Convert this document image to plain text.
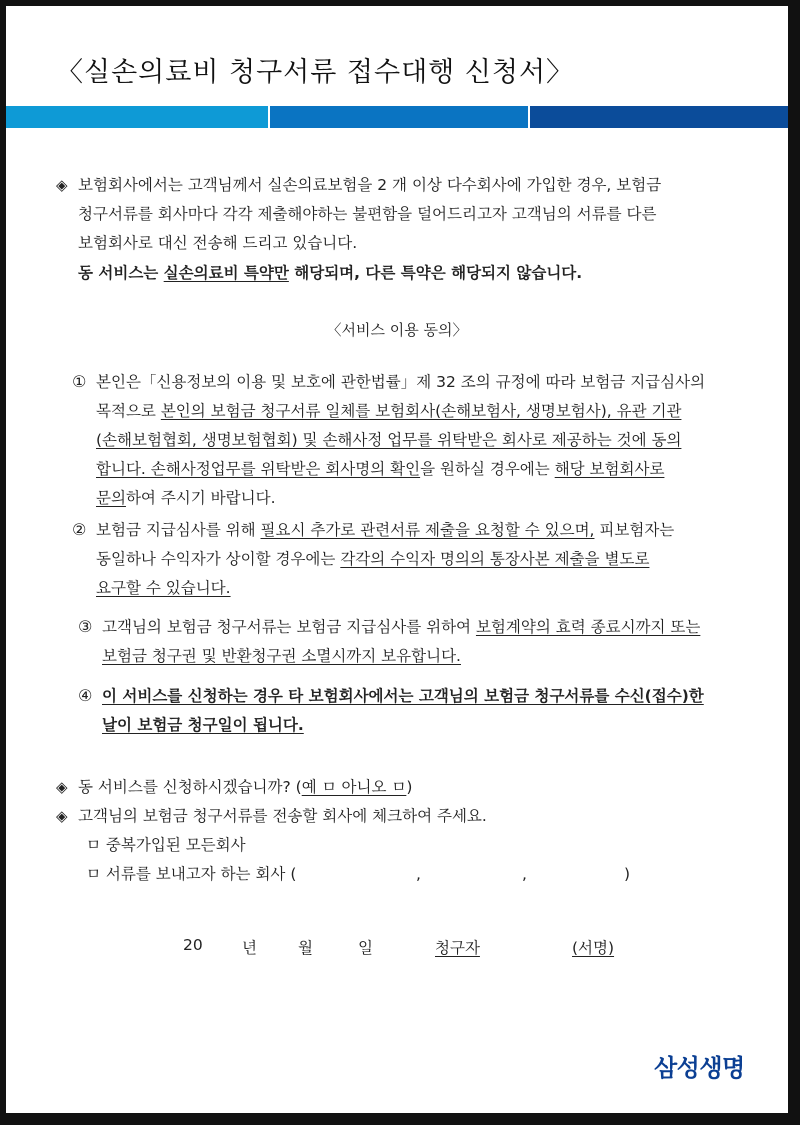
〈실손의료비 청구서류 접수대행 신청서〉
◈ 보험회사에서는 고객님께서 실손의료보험을 2 개 이상 다수회사에 가입한 경우, 보험금
청구서류를 회사마다 각각 제출해야하는 불편함을 덜어드리고자 고객님의 서류를 다른
보험회사로 대신 전송해 드리고 있습니다.
동 서비스는 실손의료비 특약만 해당되며, 다른 특약은 해당되지 않습니다.
〈서비스 이용 동의〉
① 본인은「신용정보의 이용 및 보호에 관한법률」제 32 조의 규정에 따라 보험금 지급심사의
목적으로 본인의 보험금 청구서류 일체를 보험회사(손해보험사, 생명보험사), 유관 기관
(손해보험협회, 생명보험협회) 및 손해사정 업무를 위탁받은 회사로 제공하는 것에 동의
합니다. 손해사정업무를 위탁받은 회사명의 확인을 원하실 경우에는 해당 보험회사로
문의하여 주시기 바랍니다.
② 보험금 지급심사를 위해 필요시 추가로 관련서류 제출을 요청할 수 있으며, 피보험자는
동일하나 수익자가 상이할 경우에는 각각의 수익자 명의의 통장사본 제출을 별도로
요구할 수 있습니다.
③ 고객님의 보험금 청구서류는 보험금 지급심사를 위하여 보험계약의 효력 종료시까지 또는
보험금 청구권 및 반환청구권 소멸시까지 보유합니다.
④ 이 서비스를 신청하는 경우 타 보험회사에서는 고객님의 보험금 청구서류를 수신(접수)한
날이 보험금 청구일이 됩니다.
◈ 동 서비스를 신청하시겠습니까? (예 ㅁ 아니오 ㅁ)
◈ 고객님의 보험금 청구서류를 전송할 회사에 체크하여 주세요.
ㅁ 중복가입된 모든회사
ㅁ 서류를 보내고자 하는 회사 (	,	,	)
20	년	월	일	청구자	(서명)
삼성생명
